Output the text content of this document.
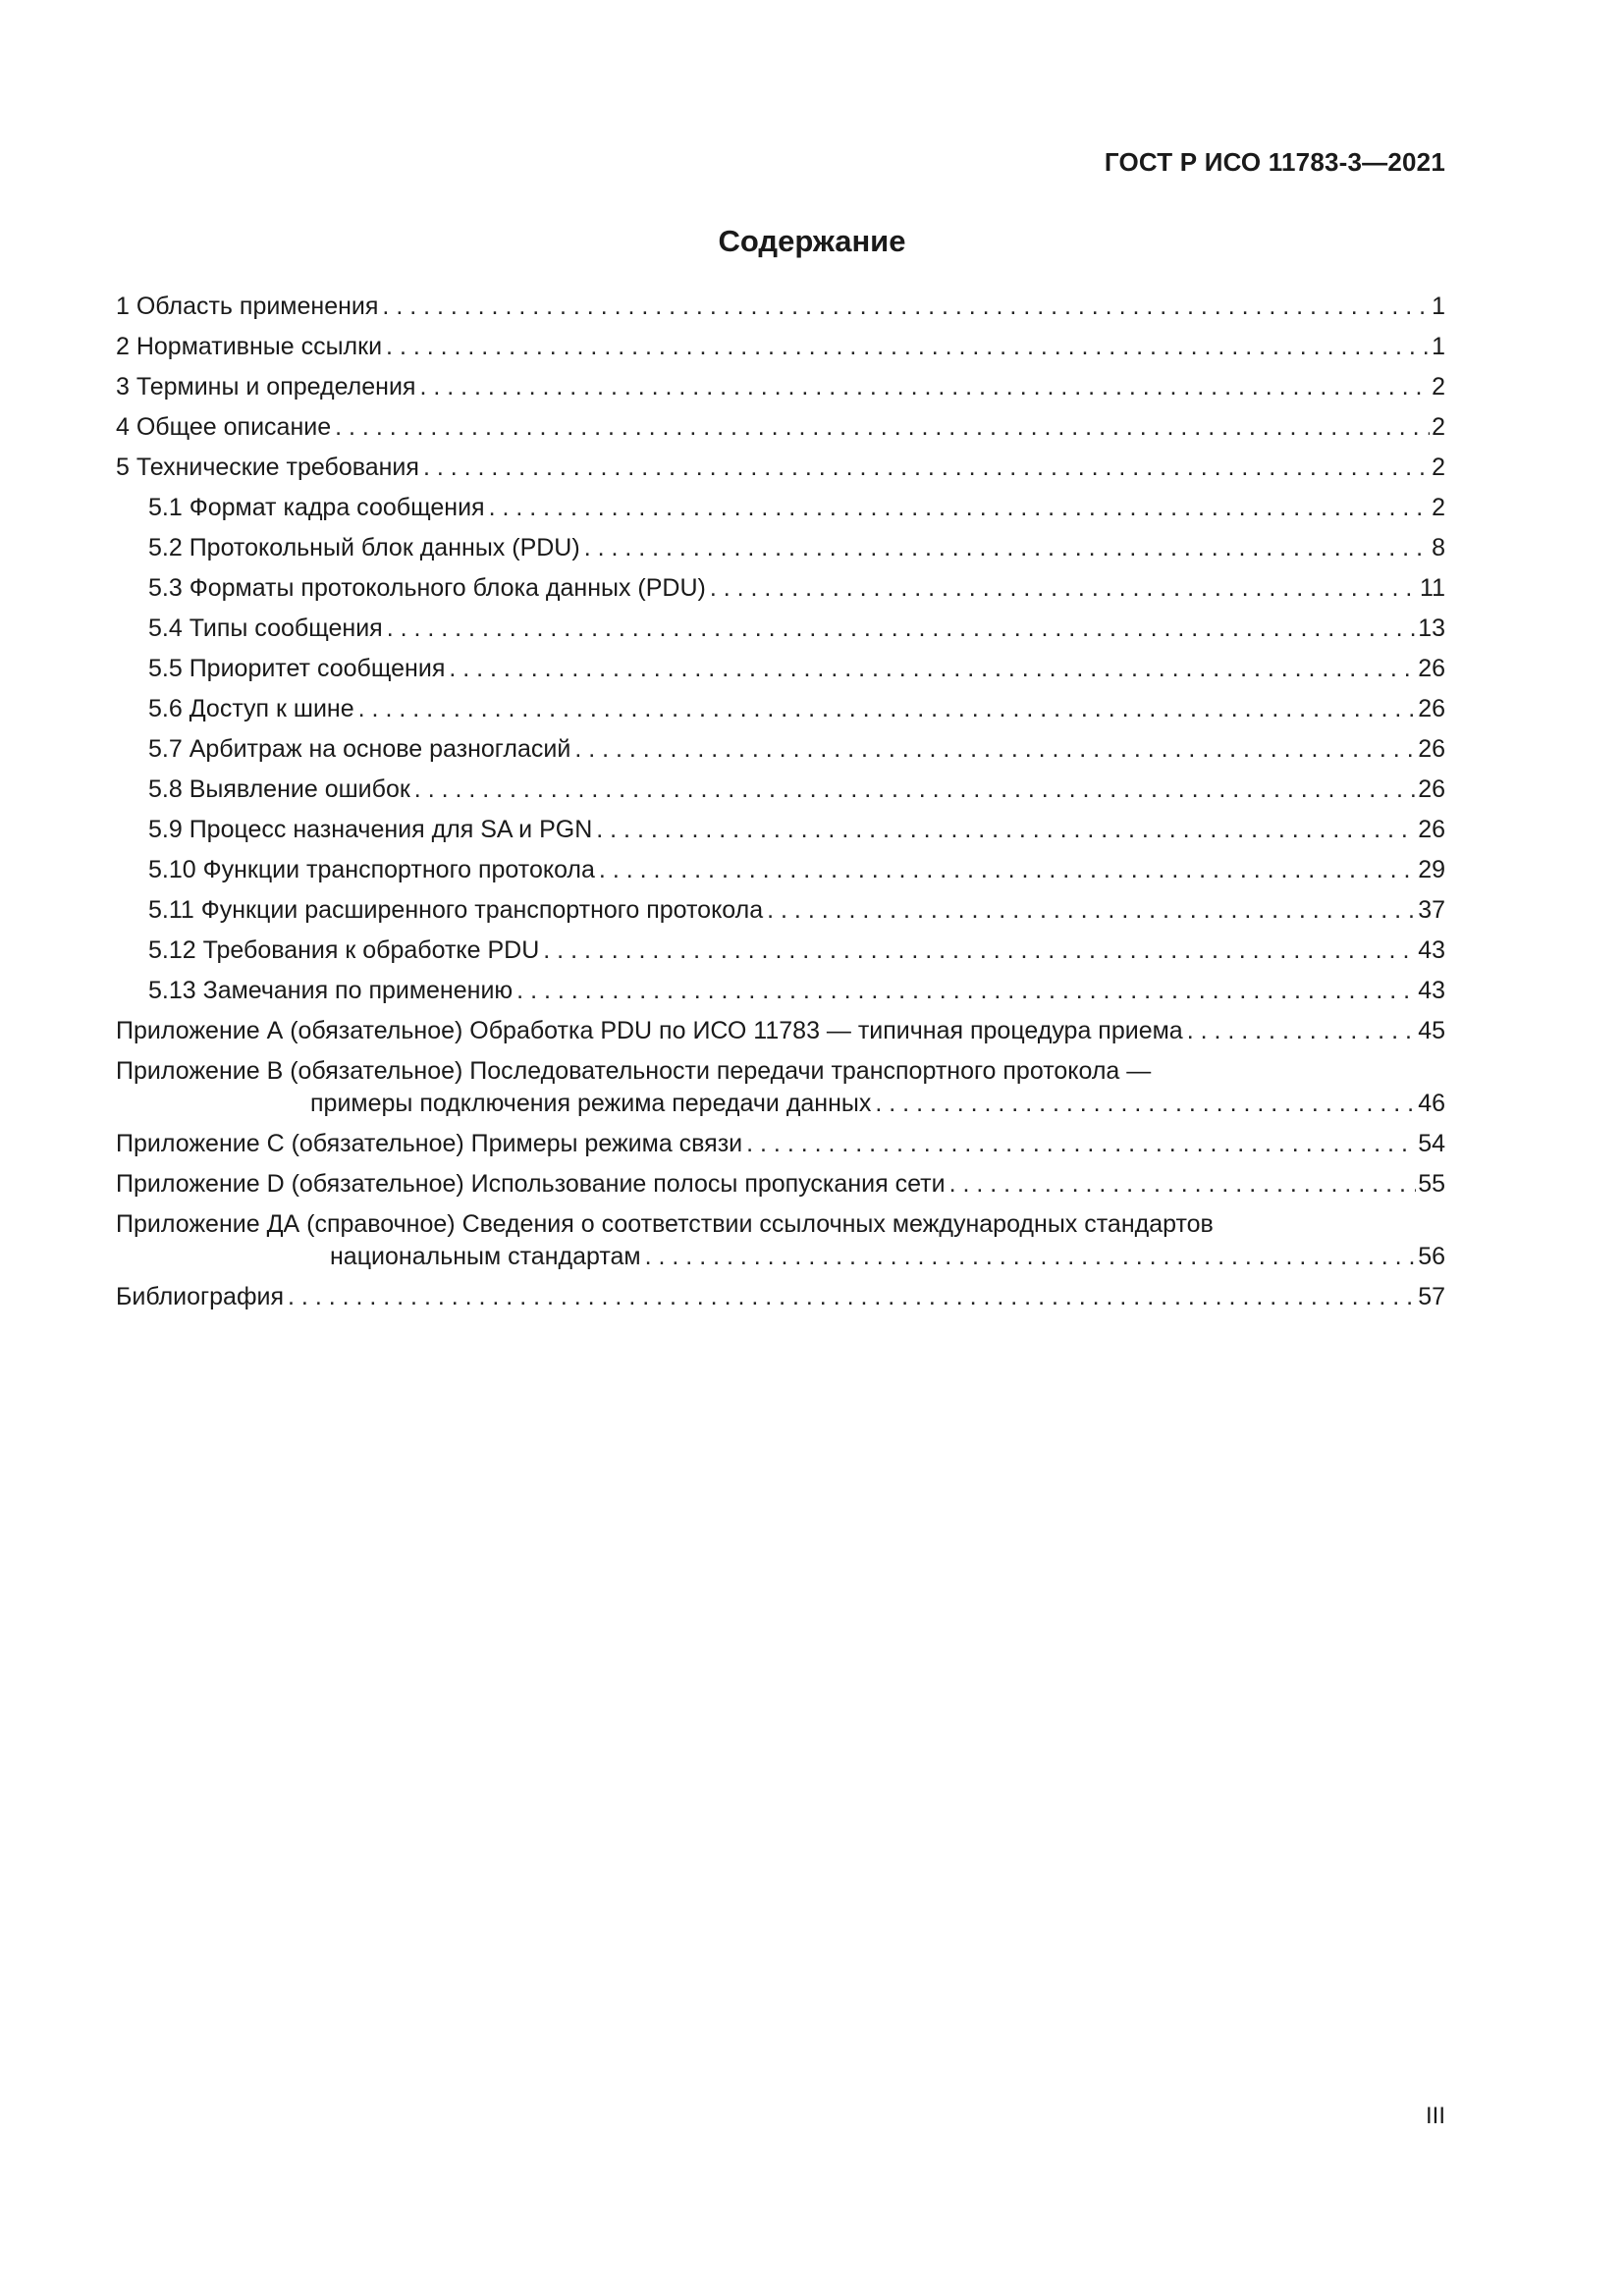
ГОСТ Р ИСО 11783-3—2021
Содержание
1 Область применения . . .	1
2 Нормативные ссылки . . .	1
3 Термины и определения . . .	2
4 Общее описание . . .	2
5 Технические требования . . .	2
5.1 Формат кадра сообщения . . .	2
5.2 Протокольный блок данных (PDU) . . .	8
5.3 Форматы протокольного блока данных (PDU) . . .	11
5.4 Типы сообщения . . .	13
5.5 Приоритет сообщения . . .	26
5.6 Доступ к шине . . .	26
5.7 Арбитраж на основе разногласий . . .	26
5.8 Выявление ошибок . . .	26
5.9 Процесс назначения для SA и PGN . . .	26
5.10 Функции транспортного протокола . . .	29
5.11 Функции расширенного транспортного протокола . . .	37
5.12 Требования к обработке PDU . . .	43
5.13 Замечания по применению . . .	43
Приложение А (обязательное) Обработка PDU по ИСО 11783 — типичная процедура приема . . .	45
Приложение В (обязательное) Последовательности передачи транспортного протокола —
примеры подключения режима передачи данных . . .	46
Приложение С (обязательное) Примеры режима связи . . .	54
Приложение D (обязательное) Использование полосы пропускания сети . . .	55
Приложение ДА (справочное) Сведения о соответствии ссылочных международных стандартов
национальным стандартам . . .	56
Библиография . . .	57
III
